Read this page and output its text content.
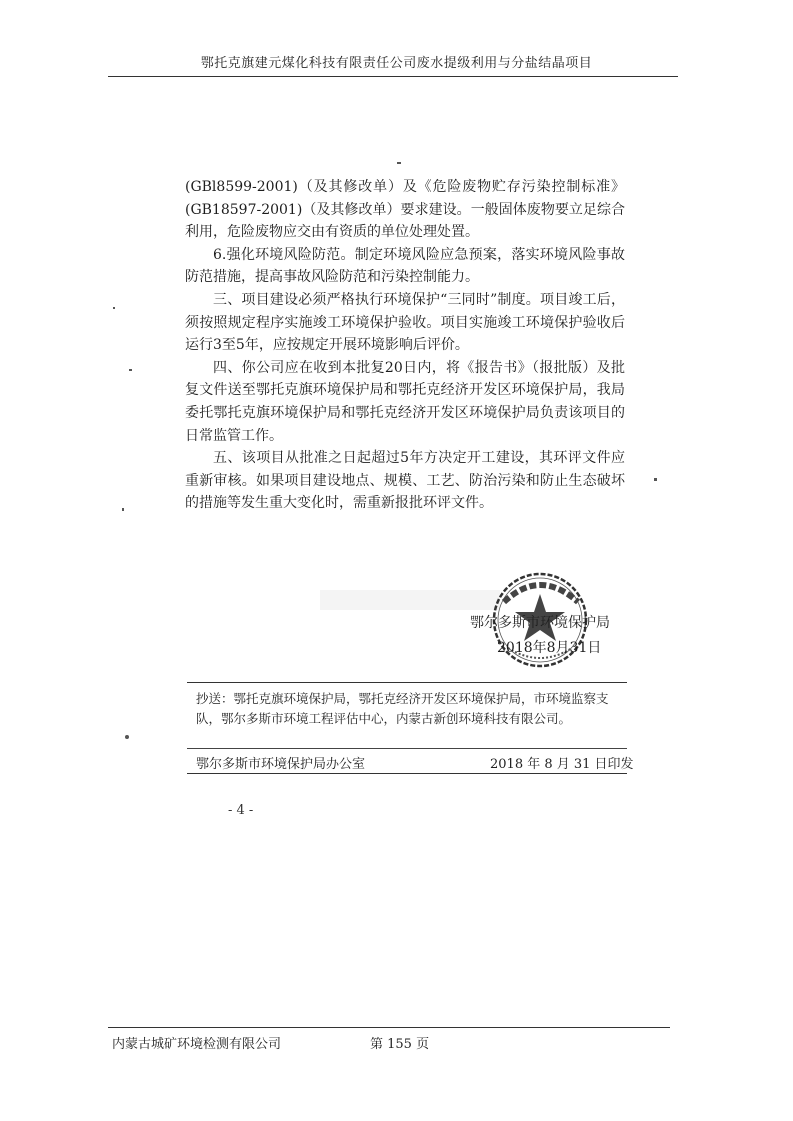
鄂托克旗建元煤化科技有限责任公司废水提级利用与分盐结晶项目

(GBl8599-2001)（及其修改单）及《危险废物贮存污染控制标准》(GB18597-2001)（及其修改单）要求建设。一般固体废物要立足综合利用，危险废物应交由有资质的单位处理处置。

6.强化环境风险防范。制定环境风险应急预案，落实环境风险事故防范措施，提高事故风险防范和污染控制能力。

三、项目建设必须严格执行环境保护“三同时”制度。项目竣工后，须按照规定程序实施竣工环境保护验收。项目实施竣工环境保护验收后运行3至5年，应按规定开展环境影响后评价。

四、你公司应在收到本批复20日内，将《报告书》（报批版）及批复文件送至鄂托克旗环境保护局和鄂托克经济开发区环境保护局，我局委托鄂托克旗环境保护局和鄂托克经济开发区环境保护局负责该项目的日常监管工作。

五、该项目从批准之日起超过5年方决定开工建设，其环评文件应重新审核。如果项目建设地点、规模、工艺、防治污染和防止生态破坏的措施等发生重大变化时，需重新报批环评文件。

鄂尔多斯市环境保护局
2018年8月31日
抄送：鄂托克旗环境保护局，鄂托克经济开发区环境保护局，市环境监察支队，鄂尔多斯市环境工程评估中心，内蒙古新创环境科技有限公司。
鄂尔多斯市环境保护局办公室	2018 年 8 月 31 日印发
- 4 -
内蒙古城矿环境检测有限公司	第 155 页
